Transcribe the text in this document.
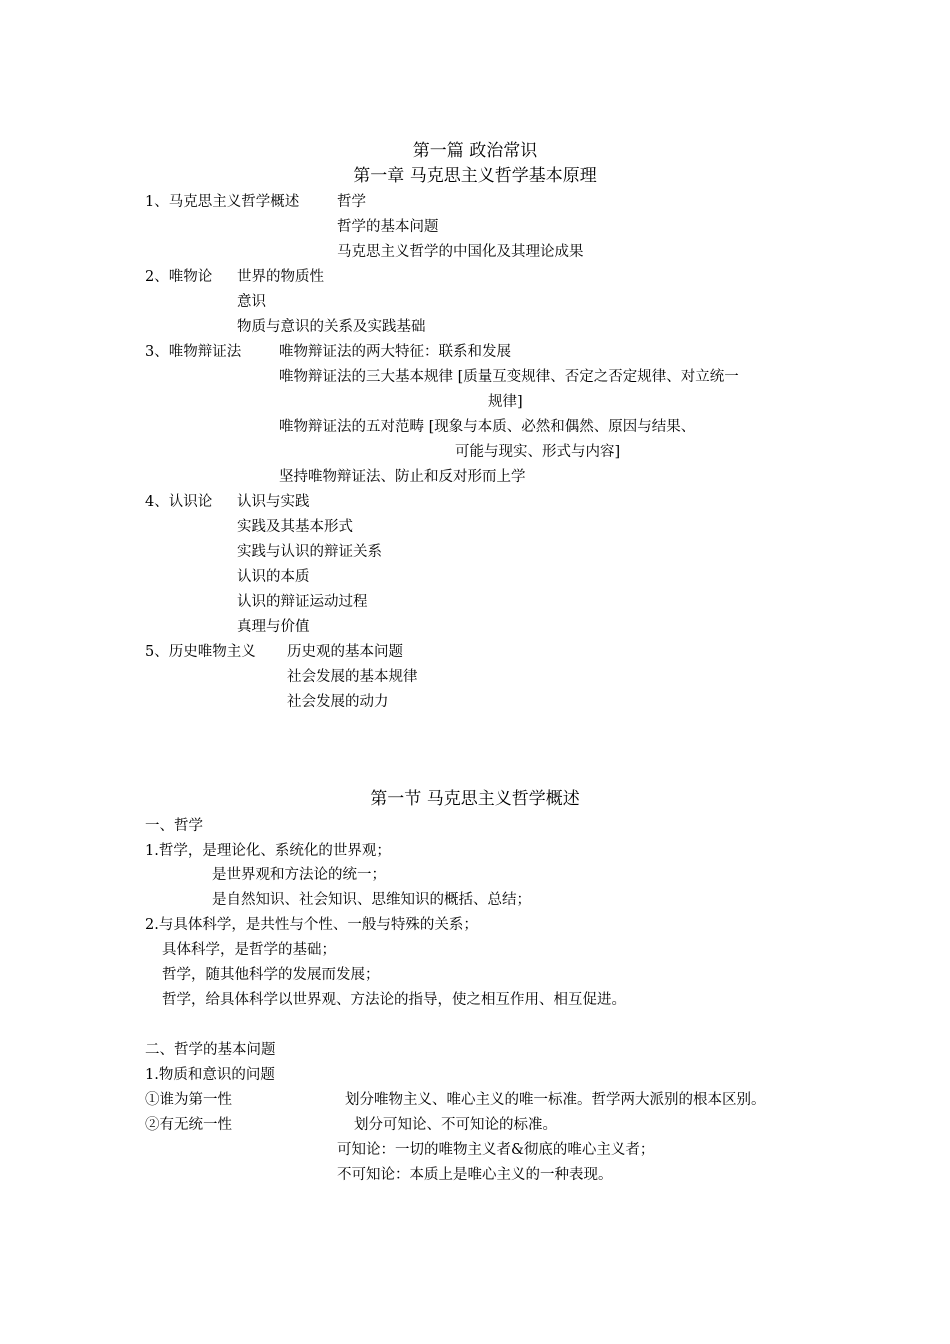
第一篇 政治常识
第一章 马克思主义哲学基本原理
1、马克思主义哲学概述	哲学
哲学的基本问题
马克思主义哲学的中国化及其理论成果
2、唯物论 世界的物质性
意识
物质与意识的关系及实践基础
3、唯物辩证法	唯物辩证法的两大特征：联系和发展
唯物辩证法的三大基本规律 [质量互变规律、否定之否定规律、对立统一
规律]
唯物辩证法的五对范畴 [现象与本质、必然和偶然、原因与结果、
可能与现实、形式与内容]
坚持唯物辩证法、防止和反对形而上学
4、认识论 认识与实践
实践及其基本形式
实践与认识的辩证关系
认识的本质
认识的辩证运动过程
真理与价值
5、历史唯物主义 历史观的基本问题
社会发展的基本规律
社会发展的动力
第一节 马克思主义哲学概述
一、哲学
1.哲学，是理论化、系统化的世界观；
是世界观和方法论的统一；
是自然知识、社会知识、思维知识的概括、总结；
2.与具体科学，是共性与个性、一般与特殊的关系；
具体科学，是哲学的基础；
哲学，随其他科学的发展而发展；
哲学，给具体科学以世界观、方法论的指导，使之相互作用、相互促进。
二、哲学的基本问题
1.物质和意识的问题
①谁为第一性	划分唯物主义、唯心主义的唯一标准。哲学两大派别的根本区别。
②有无统一性	划分可知论、不可知论的标准。
可知论：一切的唯物主义者&彻底的唯心主义者；
不可知论：本质上是唯心主义的一种表现。
